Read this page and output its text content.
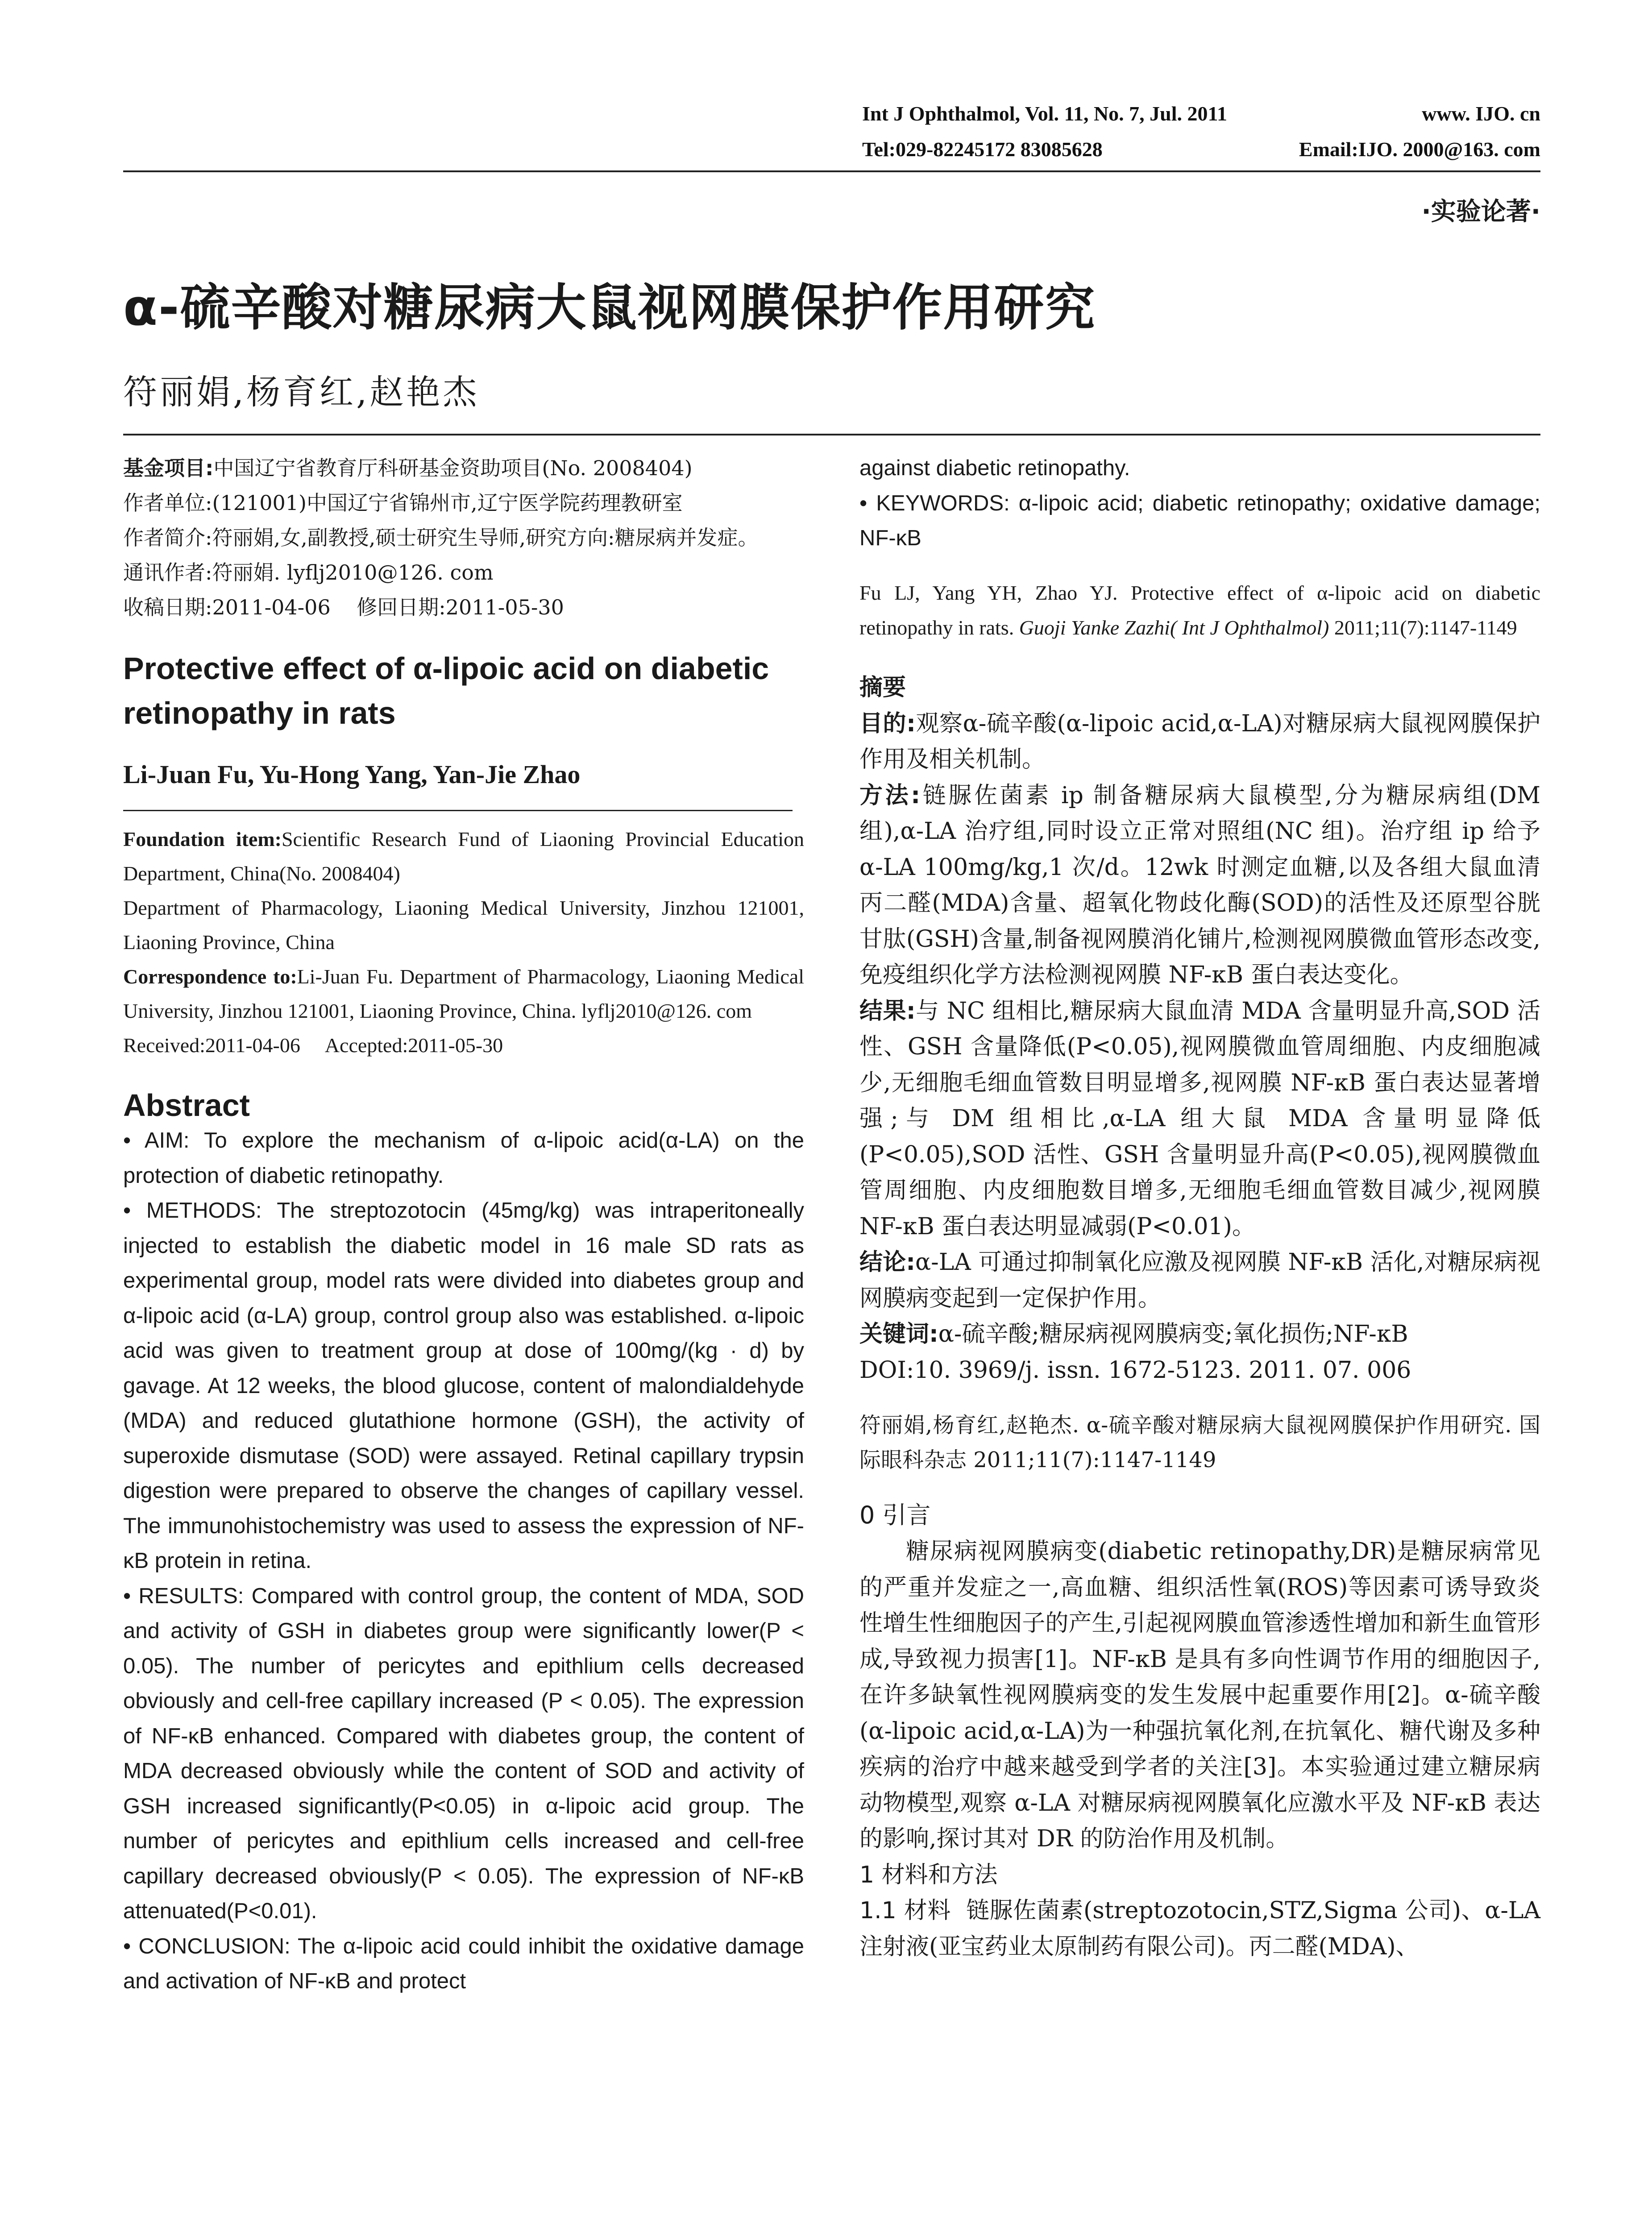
Int J Ophthalmol, Vol. 11, No. 7, Jul. 2011	www. IJO. cn
Tel:029-82245172 83085628	Email:IJO. 2000@163. com
·实验论著·
α-硫辛酸对糖尿病大鼠视网膜保护作用研究
符丽娟,杨育红,赵艳杰
基金项目:中国辽宁省教育厅科研基金资助项目(No. 2008404)
作者单位:(121001)中国辽宁省锦州市,辽宁医学院药理教研室
作者简介:符丽娟,女,副教授,硕士研究生导师,研究方向:糖尿病并发症。
通讯作者:符丽娟. lyflj2010@126. com
收稿日期:2011-04-06    修回日期:2011-05-30
Protective effect of α-lipoic acid on diabetic retinopathy in rats
Li-Juan Fu, Yu-Hong Yang, Yan-Jie Zhao
Foundation item:Scientific Research Fund of Liaoning Provincial Education Department, China(No. 2008404)
Department of Pharmacology, Liaoning Medical University, Jinzhou 121001, Liaoning Province, China
Correspondence to:Li-Juan Fu. Department of Pharmacology, Liaoning Medical University, Jinzhou 121001, Liaoning Province, China. lyflj2010@126. com
Received:2011-04-06     Accepted:2011-05-30
Abstract
• AIM: To explore the mechanism of α-lipoic acid(α-LA) on the protection of diabetic retinopathy.
• METHODS: The streptozotocin (45mg/kg) was intraperitoneally injected to establish the diabetic model in 16 male SD rats as experimental group, model rats were divided into diabetes group and α-lipoic acid (α-LA) group, control group also was established. α-lipoic acid was given to treatment group at dose of 100mg/(kg · d) by gavage. At 12 weeks, the blood glucose, content of malondialdehyde (MDA) and reduced glutathione hormone (GSH), the activity of superoxide dismutase (SOD) were assayed. Retinal capillary trypsin digestion were prepared to observe the changes of capillary vessel. The immunohistochemistry was used to assess the expression of NF-κB protein in retina.
• RESULTS: Compared with control group, the content of MDA, SOD and activity of GSH in diabetes group were significantly lower(P < 0.05). The number of pericytes and epithlium cells decreased obviously and cell-free capillary increased (P < 0.05). The expression of NF-κB enhanced. Compared with diabetes group, the content of MDA decreased obviously while the content of SOD and activity of GSH increased significantly(P<0.05) in α-lipoic acid group. The number of pericytes and epithlium cells increased and cell-free capillary decreased obviously(P < 0.05). The expression of NF-κB attenuated(P<0.01).
• CONCLUSION: The α-lipoic acid could inhibit the oxidative damage and activation of NF-κB and protect
against diabetic retinopathy.
• KEYWORDS: α-lipoic acid; diabetic retinopathy; oxidative damage; NF-κB
Fu LJ, Yang YH, Zhao YJ. Protective effect of α-lipoic acid on diabetic retinopathy in rats. Guoji Yanke Zazhi( Int J Ophthalmol) 2011;11(7):1147-1149
摘要
目的:观察α-硫辛酸(α-lipoic acid,α-LA)对糖尿病大鼠视网膜保护作用及相关机制。
方法:链脲佐菌素 ip 制备糖尿病大鼠模型,分为糖尿病组(DM 组),α-LA 治疗组,同时设立正常对照组(NC 组)。治疗组 ip 给予 α-LA 100mg/kg,1 次/d。12wk 时测定血糖,以及各组大鼠血清丙二醛(MDA)含量、超氧化物歧化酶(SOD)的活性及还原型谷胱甘肽(GSH)含量,制备视网膜消化铺片,检测视网膜微血管形态改变,免疫组织化学方法检测视网膜 NF-κB 蛋白表达变化。
结果:与 NC 组相比,糖尿病大鼠血清 MDA 含量明显升高,SOD 活性、GSH 含量降低(P<0.05),视网膜微血管周细胞、内皮细胞减少,无细胞毛细血管数目明显增多,视网膜 NF-κB 蛋白表达显著增强;与 DM 组相比,α-LA 组大鼠 MDA 含量明显降低(P<0.05),SOD 活性、GSH 含量明显升高(P<0.05),视网膜微血管周细胞、内皮细胞数目增多,无细胞毛细血管数目减少,视网膜 NF-κB 蛋白表达明显减弱(P<0.01)。
结论:α-LA 可通过抑制氧化应激及视网膜 NF-κB 活化,对糖尿病视网膜病变起到一定保护作用。
关键词:α-硫辛酸;糖尿病视网膜病变;氧化损伤;NF-κB
DOI:10. 3969/j. issn. 1672-5123. 2011. 07. 006
符丽娟,杨育红,赵艳杰. α-硫辛酸对糖尿病大鼠视网膜保护作用研究. 国际眼科杂志 2011;11(7):1147-1149
0 引言
糖尿病视网膜病变(diabetic retinopathy,DR)是糖尿病常见的严重并发症之一,高血糖、组织活性氧(ROS)等因素可诱导致炎性增生性细胞因子的产生,引起视网膜血管渗透性增加和新生血管形成,导致视力损害[1]。NF-κB 是具有多向性调节作用的细胞因子,在许多缺氧性视网膜病变的发生发展中起重要作用[2]。α-硫辛酸(α-lipoic acid,α-LA)为一种强抗氧化剂,在抗氧化、糖代谢及多种疾病的治疗中越来越受到学者的关注[3]。本实验通过建立糖尿病动物模型,观察 α-LA 对糖尿病视网膜氧化应激水平及 NF-κB 表达的影响,探讨其对 DR 的防治作用及机制。
1 材料和方法
1.1 材料 链脲佐菌素(streptozotocin,STZ,Sigma 公司)、α-LA 注射液(亚宝药业太原制药有限公司)。丙二醛(MDA)、
